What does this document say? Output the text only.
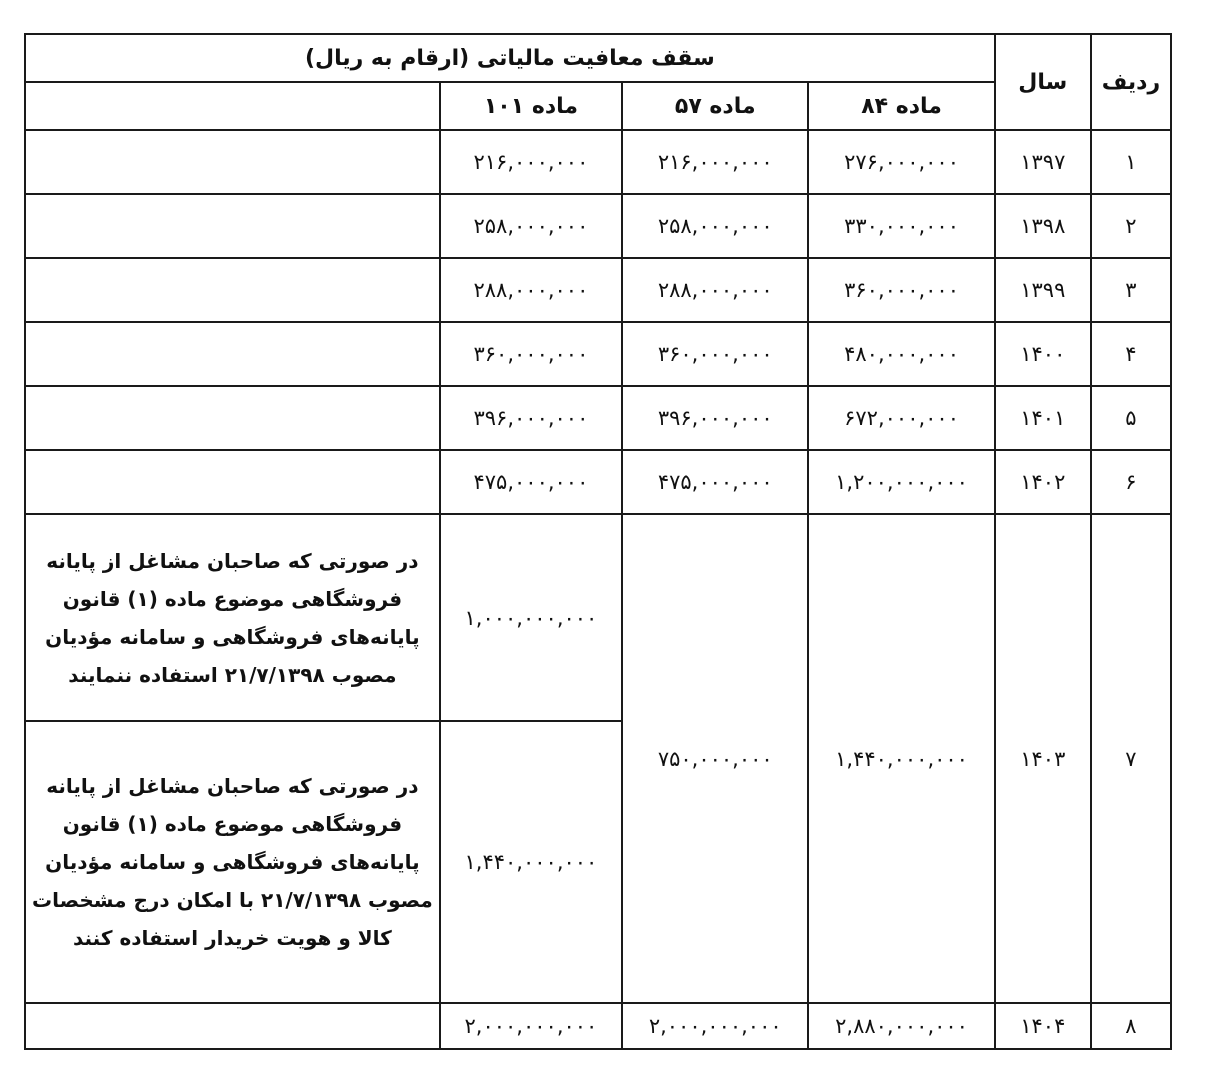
ردیف	سال	سقف معافیت مالیاتی (ارقام به ریال)			
		ماده ۸۴	ماده ۵۷	ماده ۱۰۱	
۱	۱۳۹۷	۲۷۶,۰۰۰,۰۰۰	۲۱۶,۰۰۰,۰۰۰	۲۱۶,۰۰۰,۰۰۰	
۲	۱۳۹۸	۳۳۰,۰۰۰,۰۰۰	۲۵۸,۰۰۰,۰۰۰	۲۵۸,۰۰۰,۰۰۰	
۳	۱۳۹۹	۳۶۰,۰۰۰,۰۰۰	۲۸۸,۰۰۰,۰۰۰	۲۸۸,۰۰۰,۰۰۰	
۴	۱۴۰۰	۴۸۰,۰۰۰,۰۰۰	۳۶۰,۰۰۰,۰۰۰	۳۶۰,۰۰۰,۰۰۰	
۵	۱۴۰۱	۶۷۲,۰۰۰,۰۰۰	۳۹۶,۰۰۰,۰۰۰	۳۹۶,۰۰۰,۰۰۰	
۶	۱۴۰۲	۱,۲۰۰,۰۰۰,۰۰۰	۴۷۵,۰۰۰,۰۰۰	۴۷۵,۰۰۰,۰۰۰	
۷	۱۴۰۳	۱,۴۴۰,۰۰۰,۰۰۰	۷۵۰,۰۰۰,۰۰۰	۱,۰۰۰,۰۰۰,۰۰۰	در صورتی که صاحبان مشاغل از پایانه فروشگاهی موضوع ماده (۱) قانون پایانه‌های فروشگاهی و سامانه مؤدیان مصوب ۲۱/۷/۱۳۹۸ استفاده ننمایند
				۱,۴۴۰,۰۰۰,۰۰۰	در صورتی که صاحبان مشاغل از پایانه فروشگاهی موضوع ماده (۱) قانون پایانه‌های فروشگاهی و سامانه مؤدیان مصوب ۲۱/۷/۱۳۹۸ با امکان درج مشخصات کالا و هویت خریدار استفاده کنند
۸	۱۴۰۴	۲,۸۸۰,۰۰۰,۰۰۰	۲,۰۰۰,۰۰۰,۰۰۰	۲,۰۰۰,۰۰۰,۰۰۰	
